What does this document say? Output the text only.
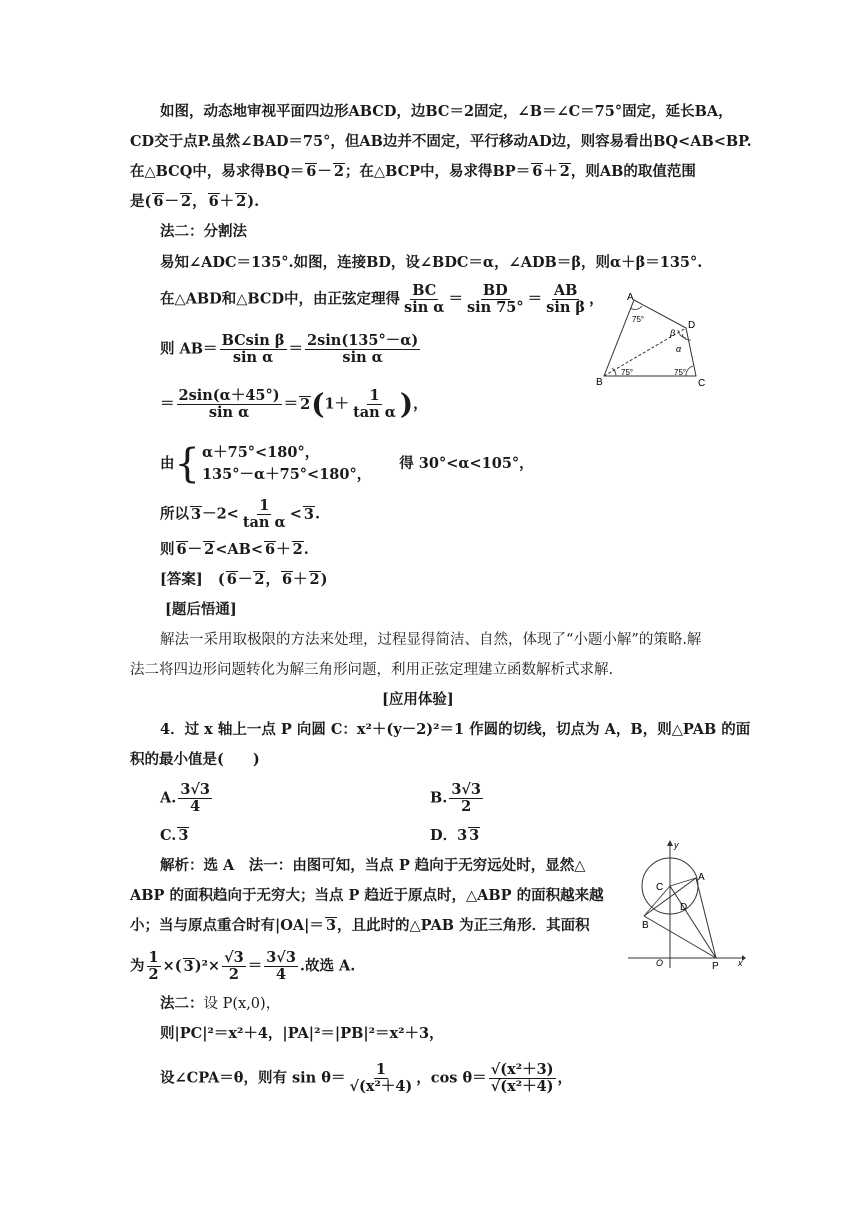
如图，动态地审视平面四边形ABCD，边BC＝2固定，∠B＝∠C＝75°固定，延长BA，
CD交于点P.虽然∠BAD＝75°，但AB边并不固定，平行移动AD边，则容易看出BQ<AB<BP.
在△BCQ中，易求得BQ＝ 6－ 2；在△BCP中，易求得BP＝ 6＋ 2，则AB的取值范围
是( 6－ 2， 6＋ 2).
法二：分割法
易知∠ADC＝135°.如图，连接BD，设∠BDC＝α，∠ADB＝β，则α＋β＝135°.
在△ABD和△BCD中，由正弦定理得 $\frac{BC}{\text{sin α}} = \frac{BD}{\sin 75^\circ} = \frac{AB}{\text{sin β}}$ ，
则 $AB= \frac{\text{BCsin β}}{\text{sin α}} = \frac{2\sin(135^\circ-\alpha)}{\text{sin α}}$
＝ $\frac{2\sin(\alpha+45^\circ)}{\text{sin α}} = 2(1+ \frac{1}{\text{tan α}}$ )，
由{ α＋75°<180°，
135°－α＋75°<180°，
得 30°<α<105°，
所以 $3-2< \frac{1}{\text{tan α}} < 3$.
则 6－ 2<AB< 6＋ 2.
[答案] ( 6－ 2， 6＋ 2)
[题后悟通]
解法一采用取极限的方法来处理，过程显得简洁、自然，体现了“小题小解”的策略.解
法二将四边形问题转化为解三角形问题，利用正弦定理建立函数解析式求解.
[应用体验]
4．过 x 轴上一点 P 向圆 C：x²＋(y－2)²＝1 作圆的切线，切点为 A，B，则△PAB 的面
积的最小值是(　　)
A. $\frac{3√3}{4}$	B. $\frac{3√3}{2}$
C. 3	D．3 3
解析：选 A　法一：由图可知，当点 P 趋向于无穷远处时，显然△
ABP 的面积趋向于无穷大；当点 P 趋近于原点时，△ABP 的面积越来越
小；当与原点重合时有|OA|＝ 3，且此时的△PAB 为正三角形．其面积
为 $\frac{1}{2}$ ×( $3)^2\times \frac{√3}{2} = \frac{3√3}{4}$ .故选 A.
法二：设 P(x,0)，
则|PC|²＝x²＋4，|PA|²＝|PB|²＝x²＋3，
设∠CPA＝θ，则有 $\sin \theta= \frac{1}{\text{√(x²＋4)}}$ ，$\cos \theta= \frac{\text{√(x²＋3)}}{\text{√(x²＋4)}}$ ，
A
D
B	C
β
α
75°
75°	75°
y
A
C
D
B
O	P x
